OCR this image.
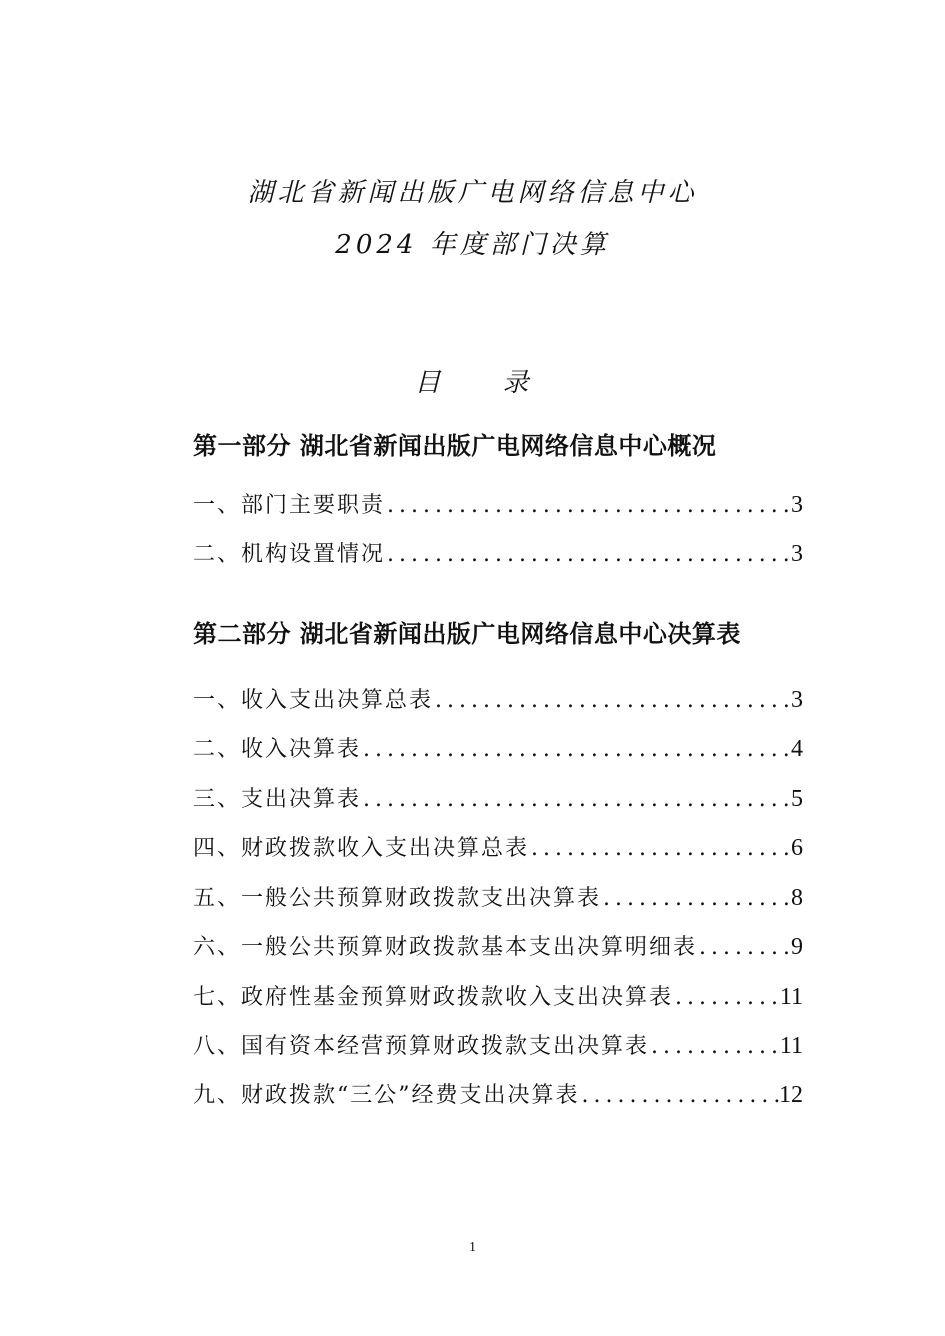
湖北省新闻出版广电网络信息中心
2024 年度部门决算
目 录
第一部分 湖北省新闻出版广电网络信息中心概况
一、部门主要职责 .....	3
二、机构设置情况 .....	3
第二部分 湖北省新闻出版广电网络信息中心决算表
一、收入支出决算总表 .....	3
二、收入决算表 .....	4
三、支出决算表 .....	5
四、财政拨款收入支出决算总表 .....	6
五、一般公共预算财政拨款支出决算表 .....	8
六、一般公共预算财政拨款基本支出决算明细表 .....	9
七、政府性基金预算财政拨款收入支出决算表 .....	11
八、国有资本经营预算财政拨款支出决算表 .....	11
九、财政拨款“三公”经费支出决算表 .....	12
1
